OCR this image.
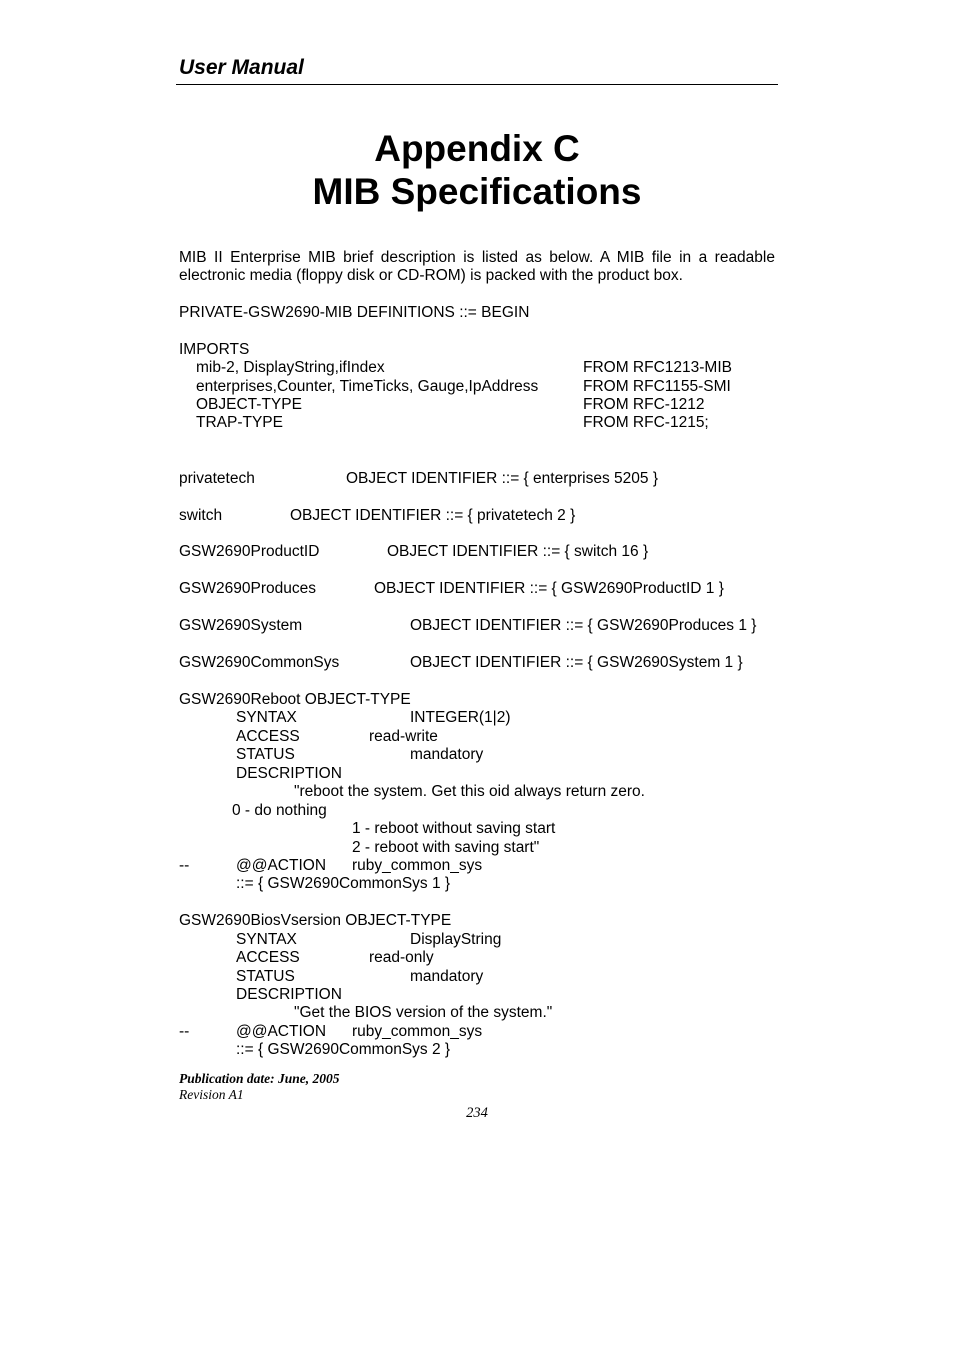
User Manual
Appendix C
MIB Specifications
MIB II Enterprise MIB brief description is listed as below. A MIB file in a readable
electronic media (floppy disk or CD-ROM) is packed with the product box.
PRIVATE-GSW2690-MIB DEFINITIONS ::= BEGIN
IMPORTS
mib-2, DisplayString,ifIndex	FROM RFC1213-MIB
enterprises,Counter, TimeTicks, Gauge,IpAddress	FROM RFC1155-SMI
OBJECT-TYPE	FROM RFC-1212
TRAP-TYPE	FROM RFC-1215;
privatetech	OBJECT IDENTIFIER ::= { enterprises 5205 }
switch	OBJECT IDENTIFIER ::= { privatetech 2 }
GSW2690ProductID	OBJECT IDENTIFIER ::= { switch 16 }
GSW2690Produces	OBJECT IDENTIFIER ::= { GSW2690ProductID 1 }
GSW2690System	OBJECT IDENTIFIER ::= { GSW2690Produces 1 }
GSW2690CommonSys	OBJECT IDENTIFIER ::= { GSW2690System 1 }
GSW2690Reboot OBJECT-TYPE
SYNTAX	INTEGER(1|2)
ACCESS	read-write
STATUS	mandatory
DESCRIPTION
"reboot the system. Get this oid always return zero.
0 - do nothing
1 - reboot without saving start
2 - reboot with saving start"
--	@@ACTION ruby_common_sys
::= { GSW2690CommonSys 1 }
GSW2690BiosVsersion OBJECT-TYPE
SYNTAX	DisplayString
ACCESS	read-only
STATUS	mandatory
DESCRIPTION
"Get the BIOS version of the system."
--	@@ACTION ruby_common_sys
::= { GSW2690CommonSys 2 }
Publication date: June, 2005
Revision A1
234
